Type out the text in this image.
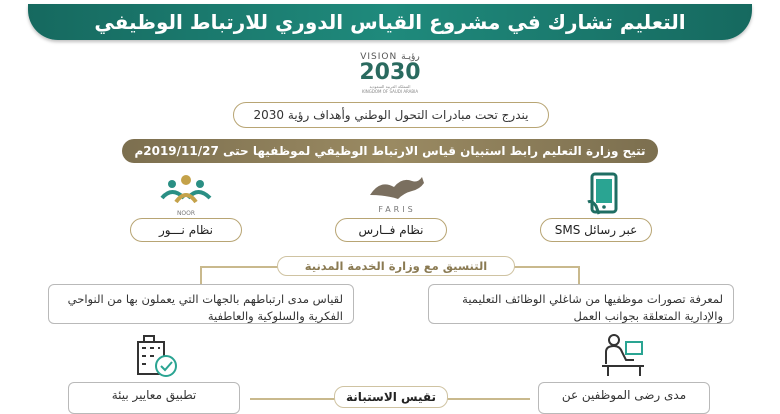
التعليم تشارك في مشروع القياس الدوري للارتباط الوظيفي
VISION رؤيـة
2030
المملكة العربية السعودية
KINGDOM OF SAUDI ARABIA
يندرج تحت مبادرات التحول الوطني وأهداف رؤية 2030
تتيح وزارة التعليم رابط استبيان قياس الارتباط الوظيفي لموظفيها حتى 2019/11/27م
FARIS
NOOR
عبر رسائل SMS
نظام فــارس
نظام نـــور
التنسيق مع وزارة الخدمة المدنية
لمعرفة تصورات موظفيها من شاغلي الوظائف التعليمية والإدارية المتعلقة بجوانب العمل
لقياس مدى ارتباطهم بالجهات التي يعملون بها من النواحي الفكرية والسلوكية والعاطفية
تقيس الاستبانة	مدى رضى الموظفين عن
تطبيق معايير بيئة
